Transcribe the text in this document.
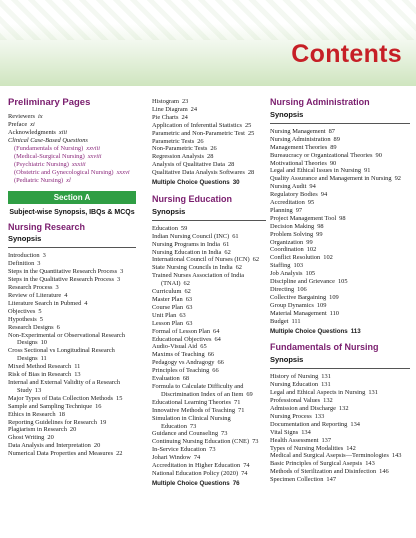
Contents
Preliminary Pages
Reviewers ix
Preface xi
Acknowledgments xiii
Clinical Case-Based Questions
(Fundamentals of Nursing) xxviii
(Medical-Surgical Nursing) xxviii
(Psychiatric Nursing) xxxiii
(Obstetric and Gynecological Nursing) xxxvi
(Pediatric Nursing) xl
Section A
Subject-wise Synopsis, IBQs & MCQs
Nursing Research
Synopsis
Introduction 3
Definition 3
Steps in the Quantitative Research Process 3
Steps in the Qualitative Research Process 3
Research Process 3
Review of Literature 4
Literature Search in Pubmed 4
Objectives 5
Hypothesis 5
Research Designs 6
Non-Experimental or Observational Research Designs 10
Cross Sectional vs Longitudinal Research Designs 11
Mixed Method Research 11
Risk of Bias in Research 13
Internal and External Validity of a Research Study 13
Major Types of Data Collection Methods 15
Sample and Sampling Technique 16
Ethics in Research 18
Reporting Guidelines for Research 19
Plagiarism in Research 20
Ghost Writing 20
Data Analysis and Interpretation 20
Numerical Data Properties and Measures 22
Histogram 23
Line Diagram 24
Pie Charts 24
Application of Inferential Statistics 25
Parametric and Non-Parametric Test 25
Parametric Tests 26
Non-Parametric Tests 26
Regression Analysis 28
Analysis of Qualitative Data 28
Qualitative Data Analysis Softwares 28
Multiple Choice Questions 30
Nursing Education
Synopsis
Education 59
Indian Nursing Council (INC) 61
Nursing Programs in India 61
Nursing Education in India 62
International Council of Nurses (ICN) 62
State Nursing Councils in India 62
Trained Nurses Association of India (TNAI) 62
Curriculum 62
Master Plan 63
Course Plan 63
Unit Plan 63
Lesson Plan 63
Formal of Lesson Plan 64
Educational Objectives 64
Audio-Visual Aid 65
Maxims of Teaching 66
Pedagogy vs Andragogy 66
Principles of Teaching 66
Evaluation 68
Formula to Calculate Difficulty and Discrimination Index of an Item 69
Educational Learning Theories 71
Innovative Methods of Teaching 71
Simulation in Clinical Nursing Education 73
Guidance and Counseling 73
Continuing Nursing Education (CNE) 73
In-Service Education 73
Johari Window 74
Accreditation in Higher Education 74
National Education Policy (2020) 74
Multiple Choice Questions 76
Nursing Administration
Synopsis
Nursing Management 87
Nursing Administration 89
Management Theories 89
Bureaucracy or Organizational Theories 90
Motivational Theories 90
Legal and Ethical Issues in Nursing 91
Quality Assurance and Management in Nursing 92
Nursing Audit 94
Regulatory Bodies 94
Accreditation 95
Planning 97
Project Management Tool 98
Decision Making 98
Problem Solving 99
Organization 99
Coordination 102
Conflict Resolution 102
Staffing 103
Job Analysis 105
Discipline and Grievance 105
Directing 106
Collective Bargaining 109
Group Dynamics 109
Material Management 110
Budget 111
Multiple Choice Questions 113
Fundamentals of Nursing
Synopsis
History of Nursing 131
Nursing Education 131
Legal and Ethical Aspects in Nursing 131
Professional Values 132
Admission and Discharge 132
Nursing Process 133
Documentation and Reporting 134
Vital Signs 134
Health Assessment 137
Types of Nursing Modalities 142
Medical and Surgical Asepsis—Terminologies 143
Basic Principles of Surgical Asepsis 143
Methods of Sterilization and Disinfection 146
Specimen Collection 147
